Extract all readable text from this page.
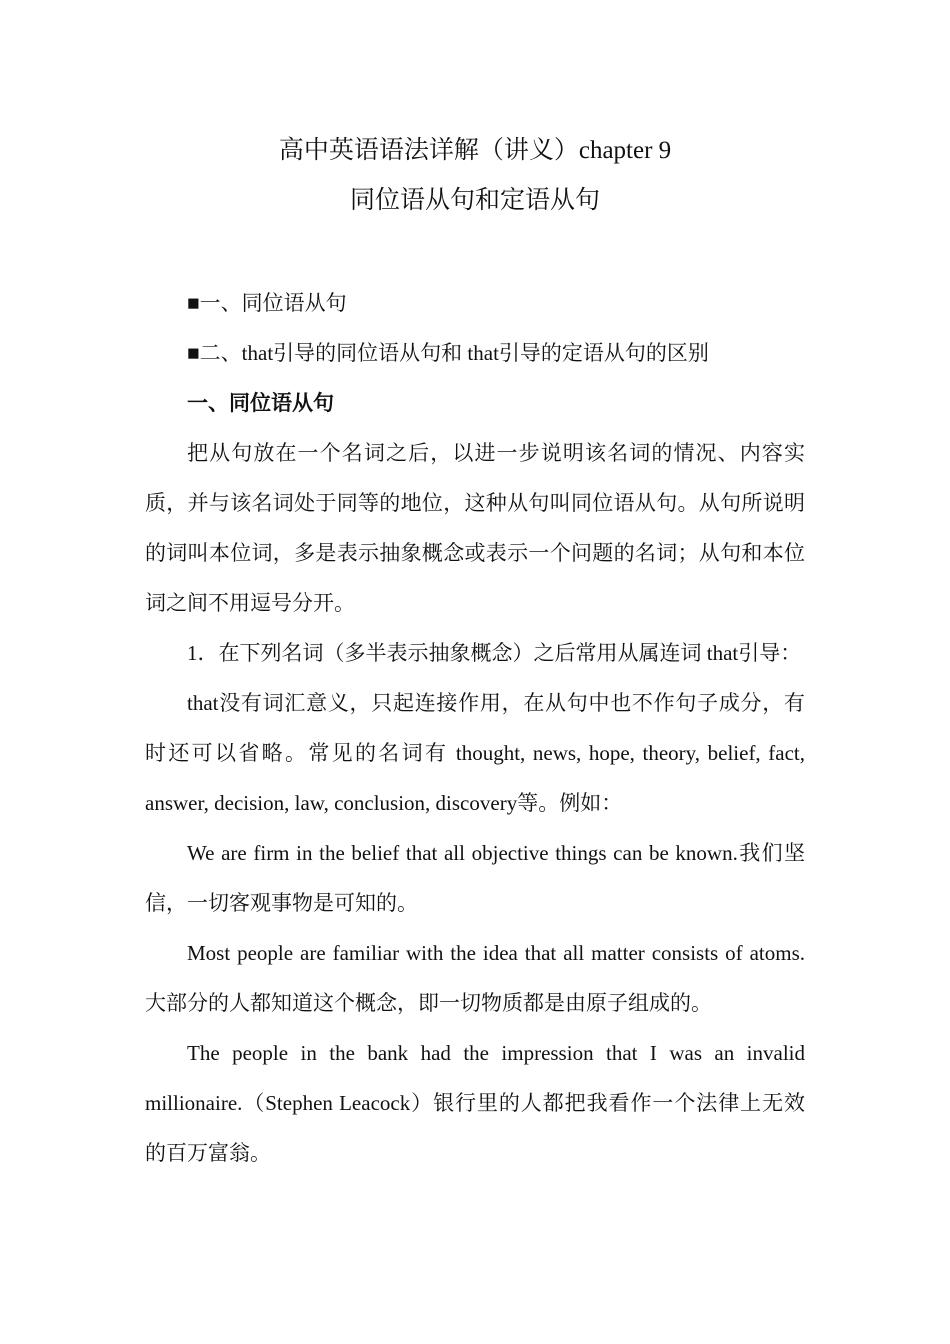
高中英语语法详解（讲义）chapter 9
同位语从句和定语从句

■一、同位语从句

■二、that引导的同位语从句和 that引导的定语从句的区别

一、同位语从句

把从句放在一个名词之后，以进一步说明该名词的情况、内容实质，并与该名词处于同等的地位，这种从句叫同位语从句。从句所说明的词叫本位词，多是表示抽象概念或表示一个问题的名词；从句和本位词之间不用逗号分开。

1．在下列名词（多半表示抽象概念）之后常用从属连词 that引导：

that没有词汇意义，只起连接作用，在从句中也不作句子成分，有时还可以省略。常见的名词有 thought, news, hope, theory, belief, fact, answer, decision, law, conclusion, discovery等。例如：

We are firm in the belief that all objective things can be known.我们坚信，一切客观事物是可知的。

Most people are familiar with the idea that all matter consists of atoms.大部分的人都知道这个概念，即一切物质都是由原子组成的。

The people in the bank had the impression that I was an invalid millionaire.（Stephen Leacock）银行里的人都把我看作一个法律上无效的百万富翁。
